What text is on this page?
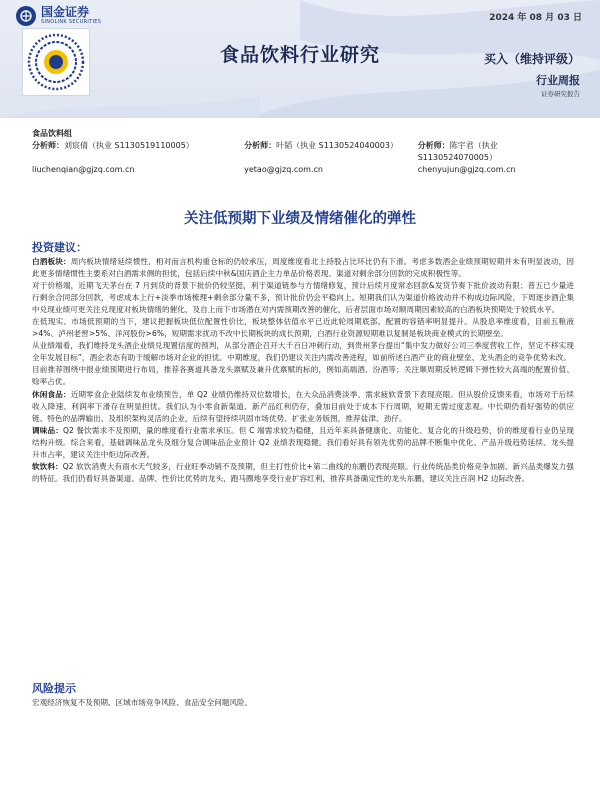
国金证券
SINOLINK SECURITIES	2024 年 08 月 03 日
食品饮料行业研究	买入（维持评级）
行业周报
证券研究报告
食品饮料组
分析师：刘宸倩（执业 S1130519110005）	分析师：叶韬（执业 S1130524040003）	分析师：陈宇君（执业 S1130524070005）
liuchenqian@gjzq.com.cn	yetao@gjzq.com.cn	chenyujun@gjzq.com.cn
关注低预期下业绩及情绪催化的弹性
投资建议：

白酒板块：周内板块情绪延续惯性，相对而言机构重仓标的仍较承压，周度维度看北上持股占比环比仍有下滑。考虑多数酒企业绩预期短期并未有明显波动，因此更多情绪惯性主要系对白酒需求侧的担忧，包括后续中秋&国庆酒企主力单品价格表现、渠道对剩余部分回款的完成积极性等。

对于价格端，近期飞天茅台在 7 月到货的背景下批价仍较坚挺，利于渠道链参与方情绪修复，预计后续月度常态回款&发货节奏下批价波动有限；普五已少量进行剩余合同部分回款，考虑成本上行+淡季市场梳理+剩余部分量不多，预计批价仍会平稳向上。短期我们认为渠道价格波动并不构成边际风险，下周逐步酒企集中兑现业绩可更关注兑现度对板块情绪的催化，及自上而下市场潜在对内需预期改善的催化，后者层面市场对顺周期因素较高的白酒板块预期处于较低水平。

在低现实、市场低预期的当下，建议把握板块低位配置性价比，板块整体估值水平已近此轮周期底部、配置的容错率明显提升。从股息率维度看，目前五粮液>4%、泸州老窖>5%、洋河股份>6%，短期需求扰动不改中长期板块的成长预期，白酒行业资源短期难以复制是板块商业模式的长期壁垒。

从业绩端看，我们维持龙头酒企业绩兑现置信度的预判，从部分酒企召开大千百日冲刺行动，到贵州茅台提出“集中发力做好公司三季度营收工作，坚定不移实现全年发展目标”，酒企表态有助于缓解市场对企业的担忧。中期维度，我们仍建议关注内需改善进程，如前所述白酒产业的商业壁垒、龙头酒企的竞争优势未改。

目前推荐围绕中报业绩预期进行布局，推荐各赛道具备龙头禀赋及兼升优禀赋的标的，例如高端酒、汾酒等；关注顺周期反转逻辑下弹性较大高端的配置价值、赊率占优。

休闲食品：近期零食企业陆续发布业绩预告，单 Q2 业绩仍维持双位数增长，在大众品消费淡季、需求疲软背景下表现亮眼。但从股价反馈来看，市场对于后续收入降速、利润率下滑存在明显担忧。我们认为小零食新渠道、新产品红利仍存，叠加目前处于成本下行周期，短期无需过度悲观。中长期仍看好强势的供应链、特色的品牌输出、及组织架构灵活的企业，后续有望持续巩固市场优势、扩张业务版图，推荐盐津、劲仔。

调味品：Q2 餐饮需求不及预期，量的维度看行业需求承压。但 C 端需求较为稳健，且近年来具备健康化、功能化、复合化的升级趋势，价的维度看行业仍呈现结构升级。综合来看，基础调味品龙头及细分复合调味品企业预计 Q2 业绩表现稳健。我们看好具有领先优势的品牌不断集中优化、产品升级趋势延续、龙头提升市占率，建议关注中炬边际改善。

软饮料：Q2 软饮消费大有雨水天气较多，行业旺季动销不及预期，但主打性价比+第二曲线的东鹏仍表现亮眼。行业传统品类价格竞争加剧、新兴品类爆发力强的特征。我们仍看好具备渠道、品牌、性价比优势的龙头，跑马圈地享受行业扩容红利，推荐具备确定性的龙头东鹏，建议关注百润 H2 边际改善。

风险提示
宏观经济恢复不及预期、区域市场竞争风险、食品安全问题风险。
